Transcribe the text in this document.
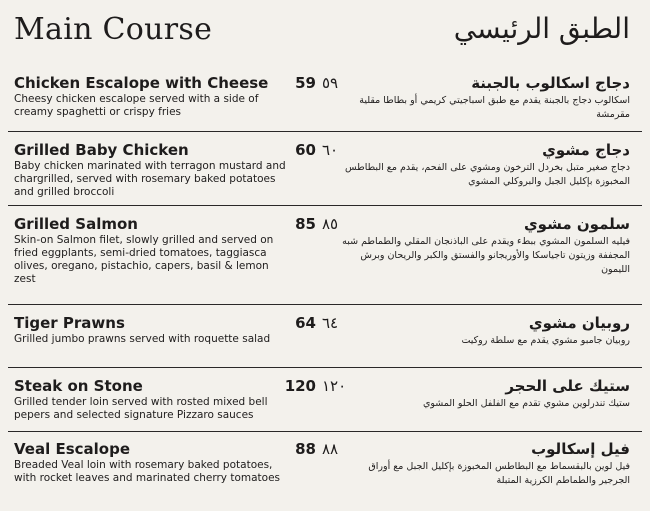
Main Course	الطبق الرئيسي
Chicken Escalope with Cheese
Cheesy chicken escalope served with a side of creamy spaghetti or crispy fries
59 ٥٩	دجاج اسكالوب بالجبنة
اسكالوب دجاج بالجبنة يقدم مع طبق اسباجيتي كريمي أو بطاطا مقلية مقرمشة
Grilled Baby Chicken
Baby chicken marinated with terragon mustard and chargrilled, served with rosemary baked potatoes and grilled broccoli
60 ٦٠	دجاج مشوي
دجاج صغير متبل بخردل الترخون ومشوي على الفحم، يقدم مع البطاطس المخبوزة بإكليل الجبل والبروكلي المشوي
Grilled Salmon
Skin-on Salmon filet, slowly grilled and served on fried eggplants, semi-dried tomatoes, taggiasca olives, oregano, pistachio, capers, basil & lemon zest
85 ٨٥	سلمون مشوي
فيليه السلمون المشوي ببطء ويقدم على الباذنجان المقلي والطماطم شبه المجففة وزيتون تاجياسكا والأوريجانو والفستق والكبر والريحان وبرش الليمون
Tiger Prawns
Grilled jumbo prawns served with roquette salad
64 ٦٤	روبيان مشوي
روبيان جامبو مشوي يقدم مع سلطة روكيت
Steak on Stone
Grilled tender loin served with rosted mixed bell pepers and selected signature Pizzaro sauces
120 ١٢٠	ستيك على الحجر
ستيك تندرلوين مشوي تقدم مع الفلفل الحلو المشوي
Veal Escalope
Breaded Veal loin with rosemary baked potatoes, with rocket leaves and marinated cherry tomatoes
88 ٨٨	فيل إسكالوب
فيل لوين بالبقسماط مع البطاطس المخبوزة بإكليل الجبل مع أوراق الجرجير والطماطم الكرزية المتبلة
